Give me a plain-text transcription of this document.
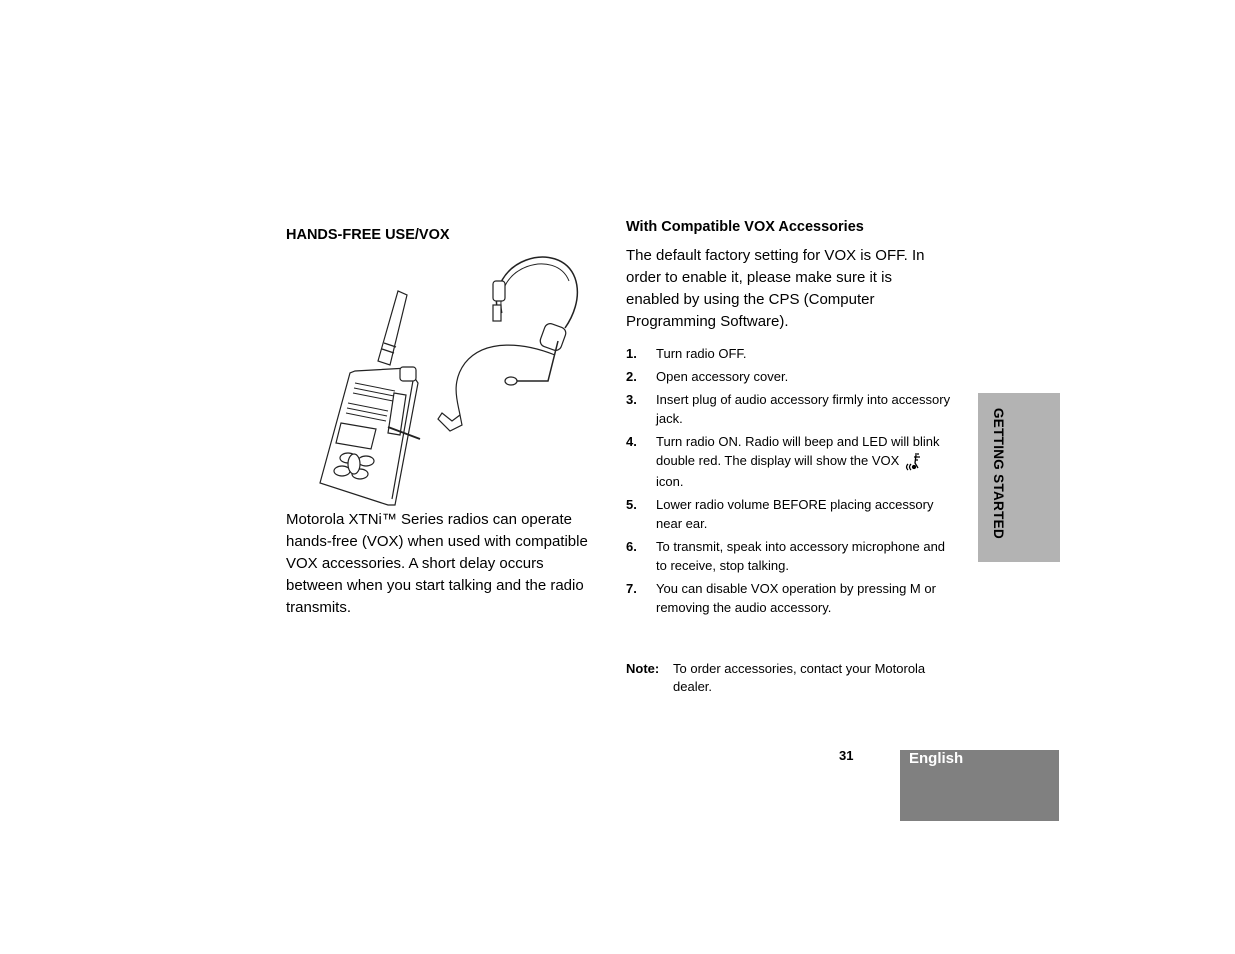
HANDS-FREE USE/VOX

Motorola XTNi™ Series radios can operate hands-free (VOX) when used with compatible VOX accessories. A short delay occurs between when you start talking and the radio transmits.

With Compatible VOX Accessories

The default factory setting for VOX is OFF. In order to enable it, please make sure it is enabled by using the CPS (Computer Programming Software).

1. Turn radio OFF.
2. Open accessory cover.
3. Insert plug of audio accessory firmly into accessory jack.
4. Turn radio ON. Radio will beep and LED will blink double red. The display will show the VOXicon.
5. Lower radio volume BEFORE placing accessory near ear.
6. To transmit, speak into accessory microphone and to receive, stop talking.
7. You can disable VOX operation by pressing M or removing the audio accessory.
Note: To order accessories, contact your Motorola dealer.
GETTING STARTED
31	English
